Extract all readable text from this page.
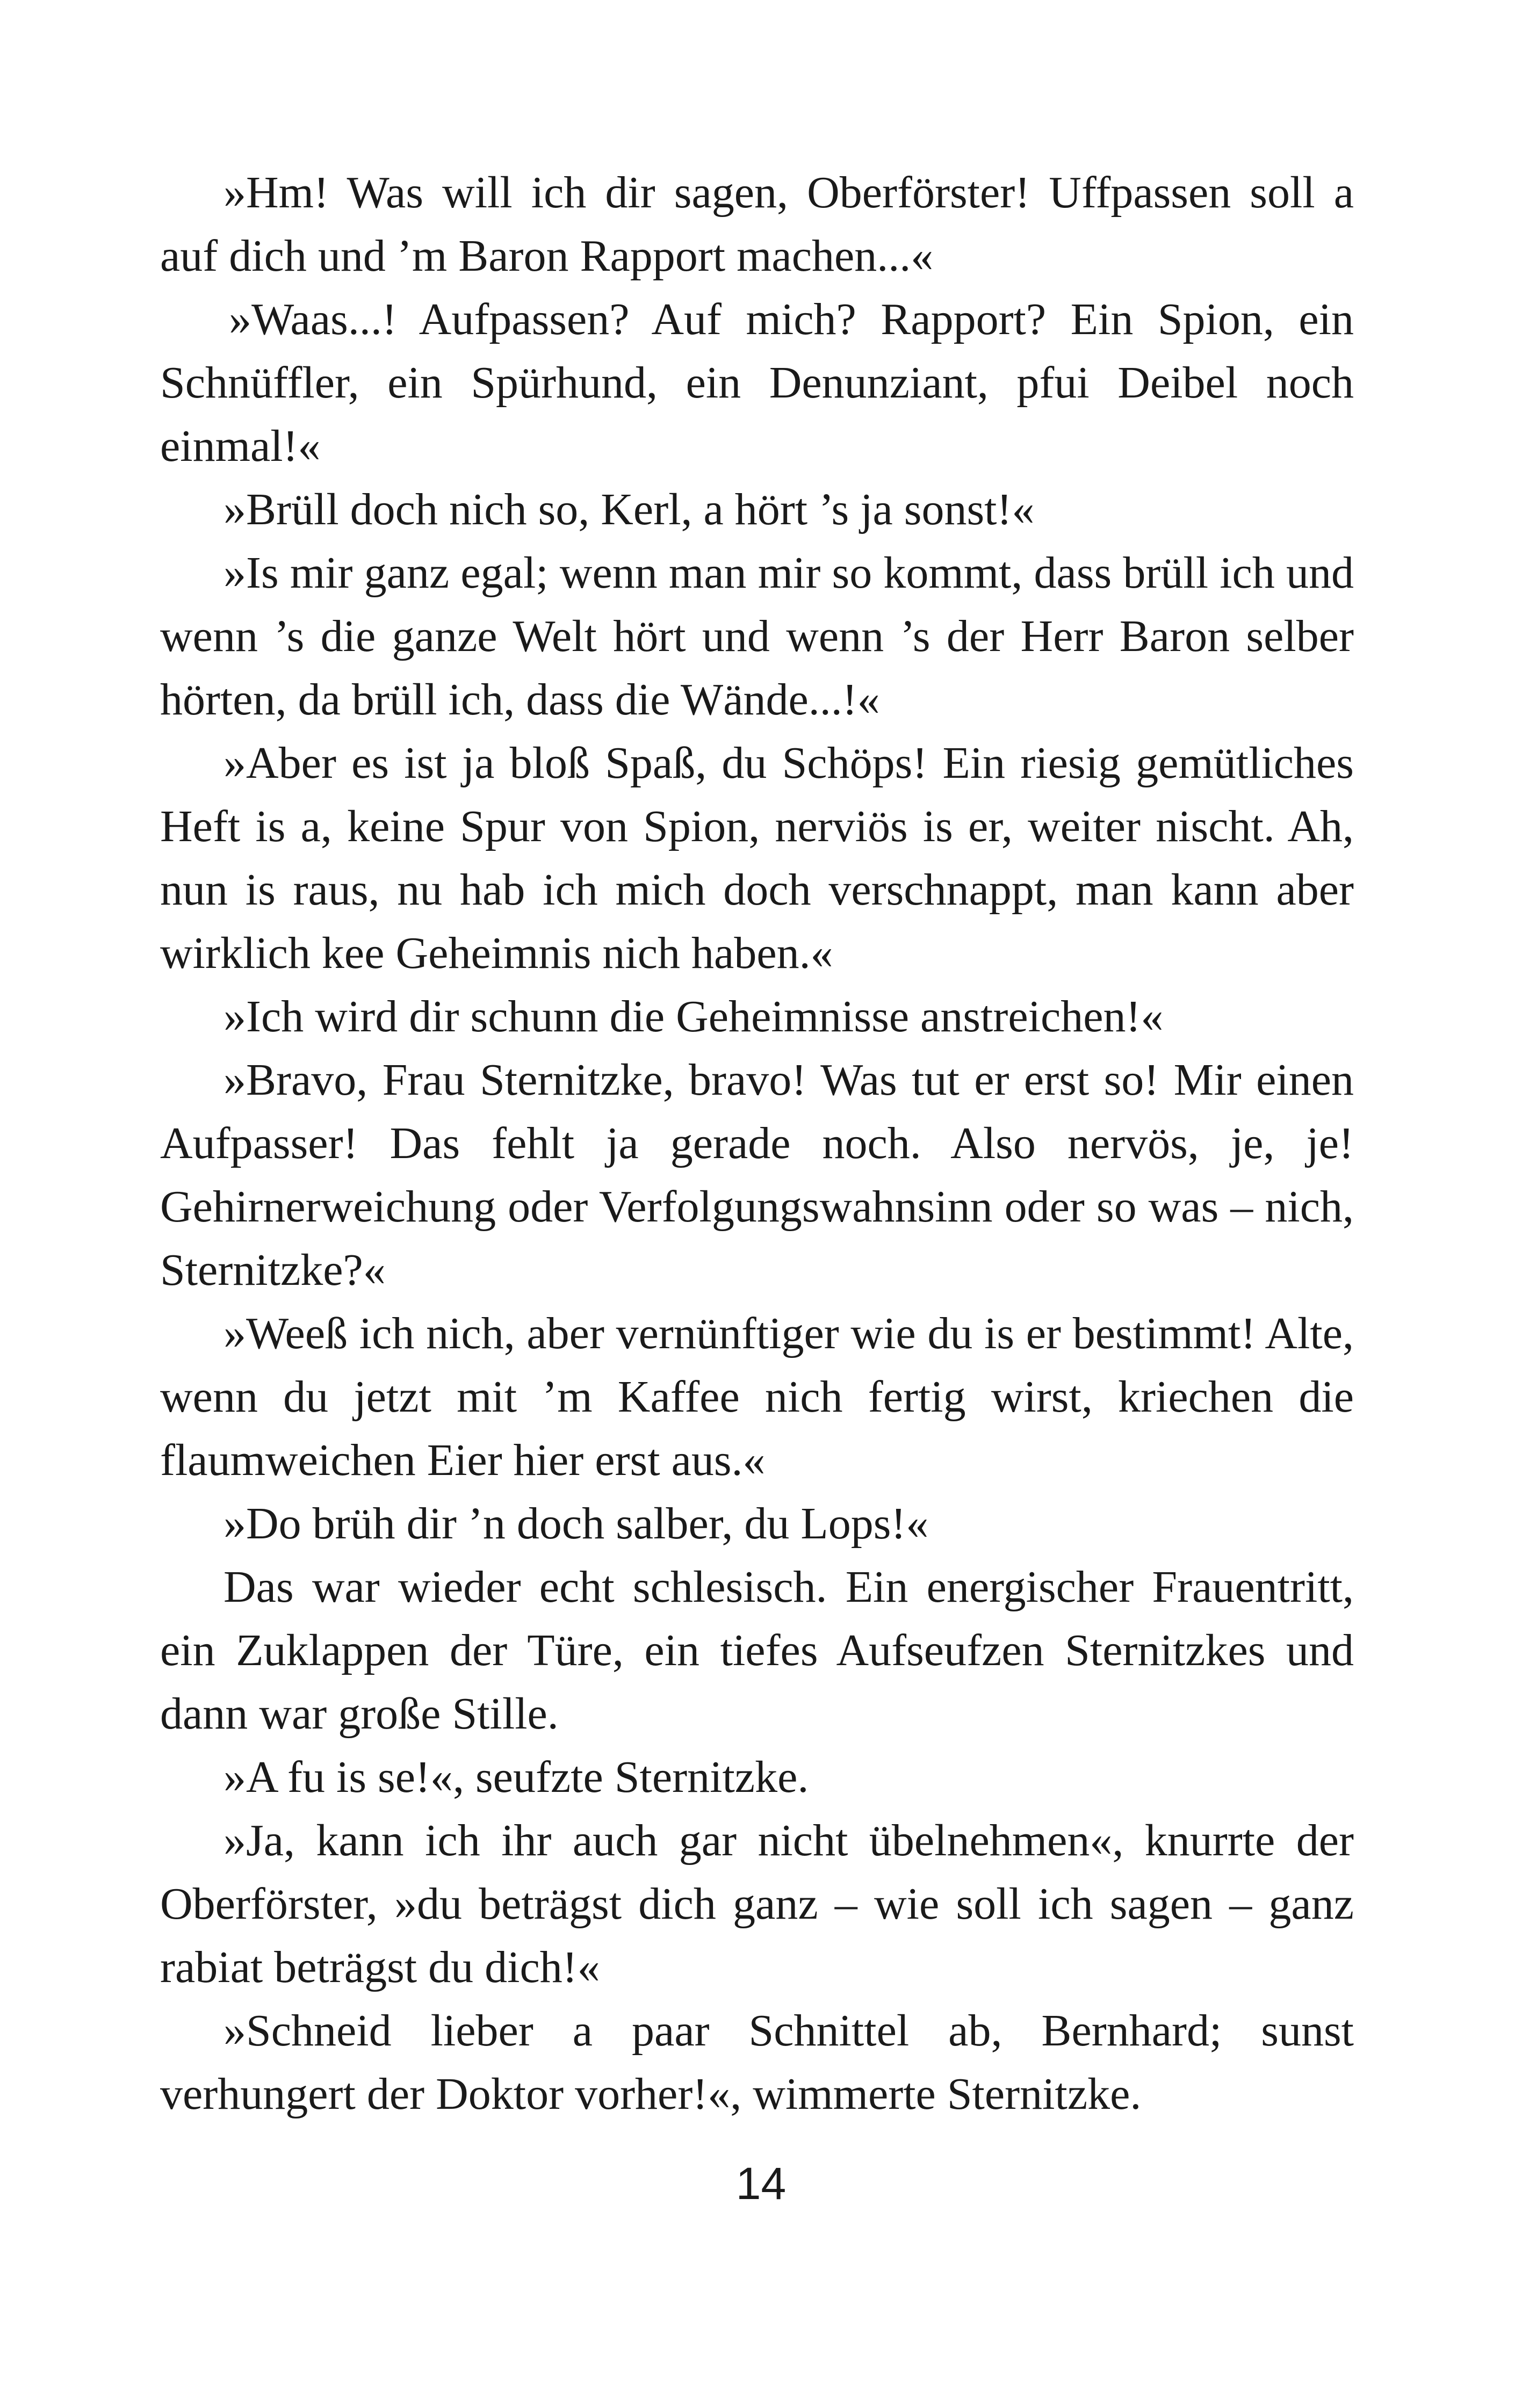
»Hm! Was will ich dir sagen, Oberförster! Uffpassen soll a auf dich und ’m Baron Rapport machen...«

»Waas...! Aufpassen? Auf mich? Rapport? Ein Spion, ein Schnüffler, ein Spürhund, ein Denunziant, pfui Deibel noch einmal!«

»Brüll doch nich so, Kerl, a hört ’s ja sonst!«

»Is mir ganz egal; wenn man mir so kommt, dass brüll ich und wenn ’s die ganze Welt hört und wenn ’s der Herr Baron selber hörten, da brüll ich, dass die Wände...!«

»Aber es ist ja bloß Spaß, du Schöps! Ein riesig gemütliches Heft is a, keine Spur von Spion, nerviös is er, weiter nischt. Ah, nun is raus, nu hab ich mich doch verschnappt, man kann aber wirklich kee Geheimnis nich haben.«

»Ich wird dir schunn die Geheimnisse anstreichen!«

»Bravo, Frau Sternitzke, bravo! Was tut er erst so! Mir einen Aufpasser! Das fehlt ja gerade noch. Also nervös, je, je! Gehirnerweichung oder Verfolgungswahnsinn oder so was – nich, Sternitzke?«

»Weeß ich nich, aber vernünftiger wie du is er bestimmt! Alte, wenn du jetzt mit ’m Kaffee nich fertig wirst, kriechen die flaumweichen Eier hier erst aus.«

»Do brüh dir ’n doch salber, du Lops!«

Das war wieder echt schlesisch. Ein energischer Frauentritt, ein Zuklappen der Türe, ein tiefes Aufseufzen Sternitzkes und dann war große Stille.

»A fu is se!«, seufzte Sternitzke.

»Ja, kann ich ihr auch gar nicht übelnehmen«, knurrte der Oberförster, »du beträgst dich ganz – wie soll ich sagen – ganz rabiat beträgst du dich!«

»Schneid lieber a paar Schnittel ab, Bernhard; sunst verhungert der Doktor vorher!«, wimmerte Sternitzke.

14
